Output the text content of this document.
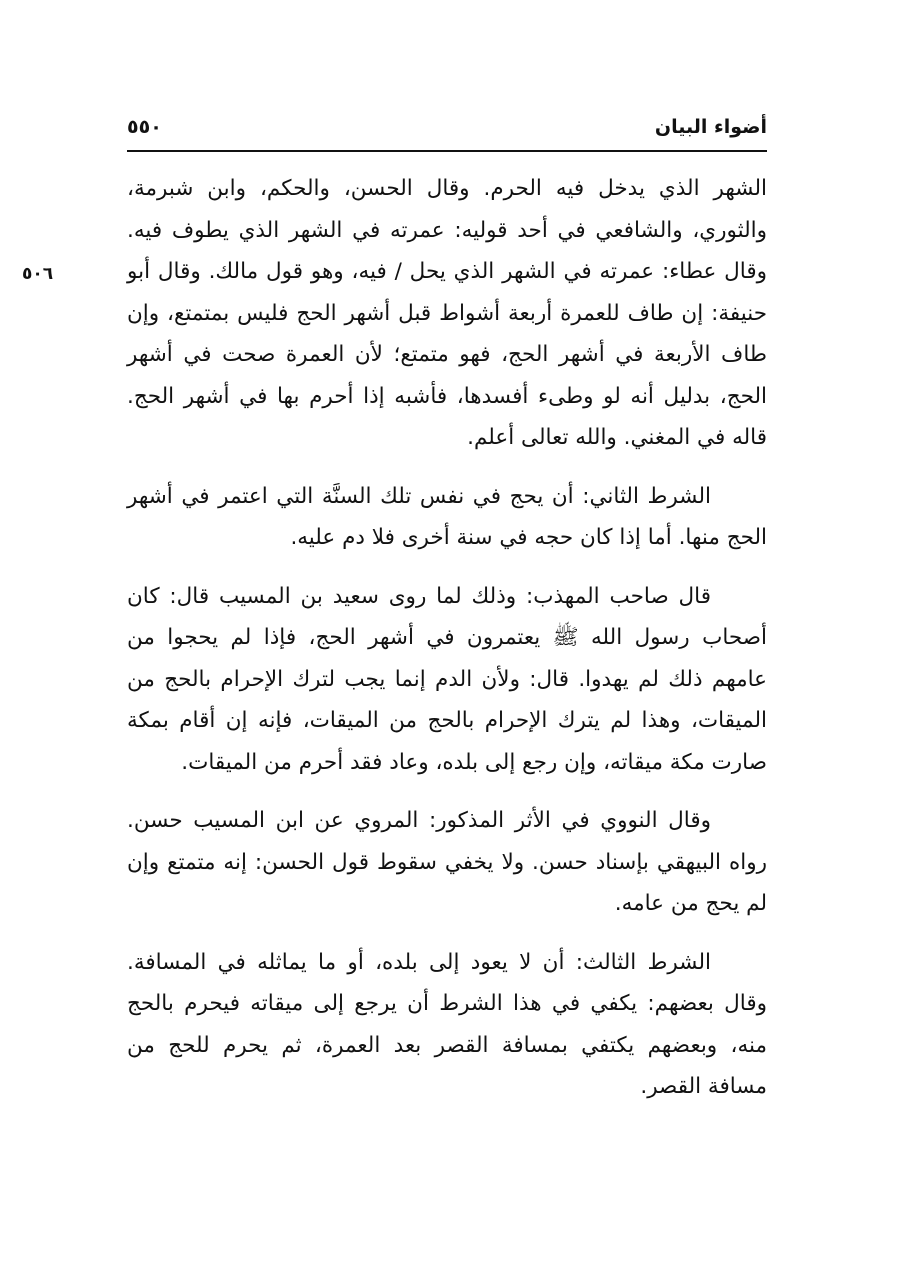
أضواء البيان
٥٥٠
٥٠٦

الشهر الذي يدخل فيه الحرم. وقال الحسن، والحكم، وابن شبرمة، والثوري، والشافعي في أحد قوليه: عمرته في الشهر الذي يطوف فيه. وقال عطاء: عمرته في الشهر الذي يحل / فيه، وهو قول مالك. وقال أبو حنيفة: إن طاف للعمرة أربعة أشواط قبل أشهر الحج فليس بمتمتع، وإن طاف الأربعة في أشهر الحج، فهو متمتع؛ لأن العمرة صحت في أشهر الحج، بدليل أنه لو وطىء أفسدها، فأشبه إذا أحرم بها في أشهر الحج. قاله في المغني. والله تعالى أعلم.

الشرط الثاني: أن يحج في نفس تلك السنَّة التي اعتمر في أشهر الحج منها. أما إذا كان حجه في سنة أخرى فلا دم عليه.

قال صاحب المهذب: وذلك لما روى سعيد بن المسيب قال: كان أصحاب رسول الله ﷺ يعتمرون في أشهر الحج، فإذا لم يحجوا من عامهم ذلك لم يهدوا. قال: ولأن الدم إنما يجب لترك الإحرام بالحج من الميقات، وهذا لم يترك الإحرام بالحج من الميقات، فإنه إن أقام بمكة صارت مكة ميقاته، وإن رجع إلى بلده، وعاد فقد أحرم من الميقات.

وقال النووي في الأثر المذكور: المروي عن ابن المسيب حسن. رواه البيهقي بإسناد حسن. ولا يخفي سقوط قول الحسن: إنه متمتع وإن لم يحج من عامه.

الشرط الثالث: أن لا يعود إلى بلده، أو ما يماثله في المسافة. وقال بعضهم: يكفي في هذا الشرط أن يرجع إلى ميقاته فيحرم بالحج منه، وبعضهم يكتفي بمسافة القصر بعد العمرة، ثم يحرم للحج من مسافة القصر.
